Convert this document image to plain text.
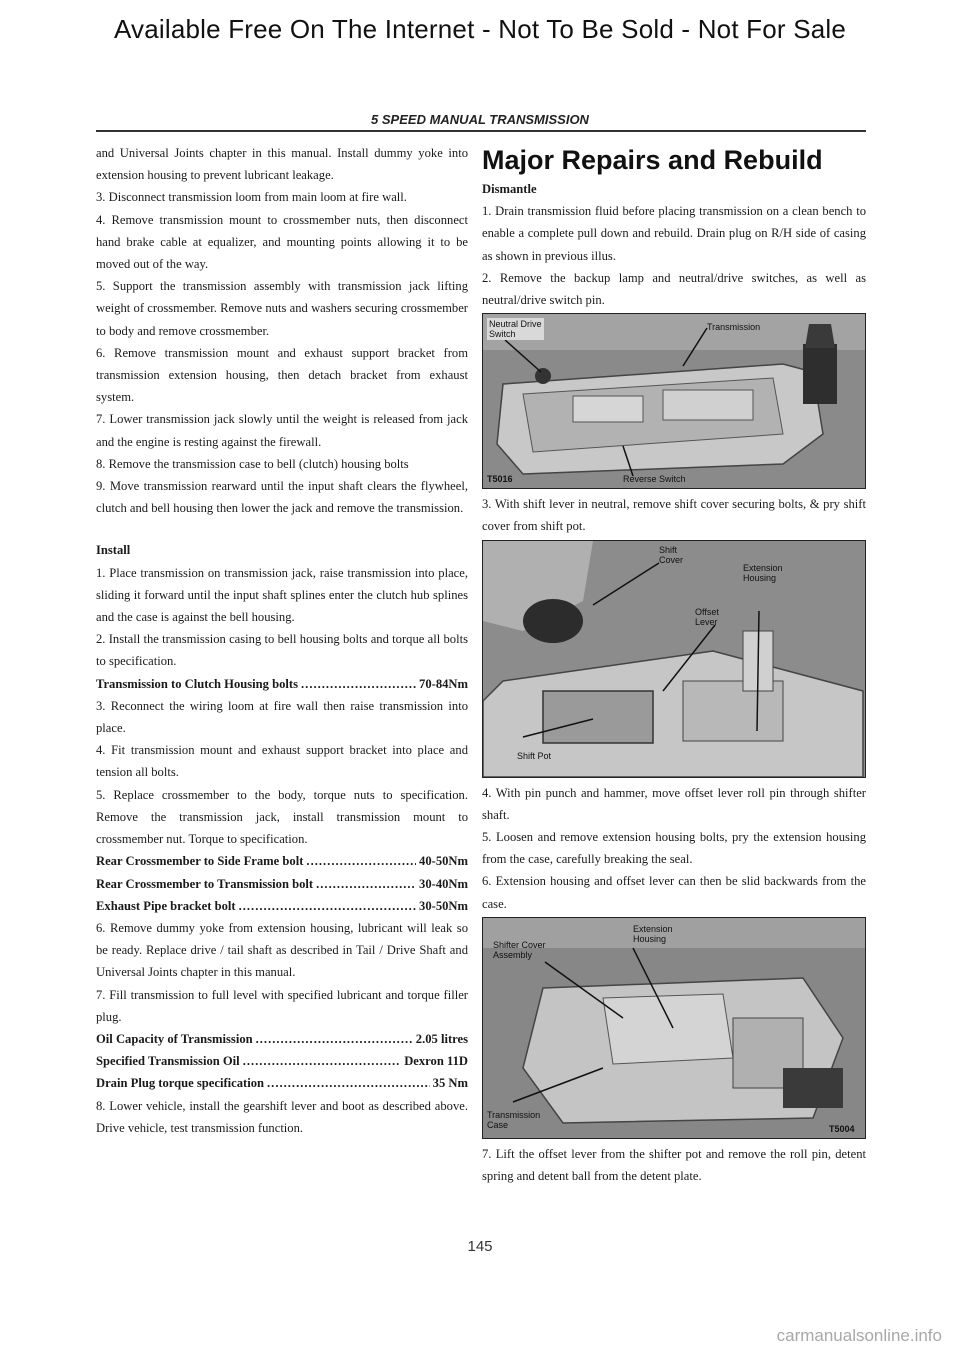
Available Free On The Internet - Not To Be Sold - Not For Sale
5 SPEED MANUAL TRANSMISSION

and Universal Joints chapter in this manual. Install dummy yoke into extension housing to prevent lubricant leakage.

3. Disconnect transmission loom from main loom at fire wall.

4. Remove transmission mount to crossmember nuts, then disconnect hand brake cable at equalizer, and mounting points allowing it to be moved out of the way.

5. Support the transmission assembly with transmission jack lifting weight of crossmember. Remove nuts and washers securing crossmember to body and remove crossmember.

6. Remove transmission mount and exhaust support bracket from transmission extension housing, then detach bracket from exhaust system.

7. Lower transmission jack slowly until the weight is released from jack and the engine is resting against the firewall.

8. Remove the transmission case to bell (clutch) housing bolts

9. Move transmission rearward until the input shaft clears the flywheel, clutch and bell housing then lower the jack and remove the transmission.

Install

1. Place transmission on transmission jack, raise transmission into place, sliding it forward until the input shaft splines enter the clutch hub splines and the case is against the bell housing.

2. Install the transmission casing to bell housing bolts and torque all bolts to specification.

Transmission to Clutch Housing bolts .....	70-84Nm

3. Reconnect the wiring loom at fire wall then raise transmission into place.

4. Fit transmission mount and exhaust support bracket into place and tension all bolts.

5. Replace crossmember to the body, torque nuts to specification. Remove the transmission jack, install transmission mount to crossmember nut. Torque to specification.

Rear Crossmember to Side Frame bolt .....	40-50Nm

Rear Crossmember to Transmission bolt .....	30-40Nm

Exhaust Pipe bracket bolt .....	30-50Nm

6. Remove dummy yoke from extension housing, lubricant will leak so be ready. Replace drive / tail shaft as described in Tail / Drive Shaft and Universal Joints chapter in this manual.

7. Fill transmission to full level with specified lubricant and torque filler plug.

Oil Capacity of Transmission .....	2.05 litres

Specified Transmission Oil .....	Dexron 11D

Drain Plug torque specification .....	35 Nm

8. Lower vehicle, install the gearshift lever and boot as described above. Drive vehicle, test transmission function.

Major Repairs and Rebuild

Dismantle

1. Drain transmission fluid before placing transmission on a clean bench to enable a complete pull down and rebuild. Drain plug on R/H side of casing as shown in previous illus.

2. Remove the backup lamp and neutral/drive switches, as well as neutral/drive switch pin.

Neutral Drive
Switch
Transmission
Reverse Switch
T5016

3. With shift lever in neutral, remove shift cover securing bolts, & pry shift cover from shift pot.

Shift
Cover
Extension
Housing
Offset
Lever
Shift Pot

4. With pin punch and hammer, move offset lever roll pin through shifter shaft.

5. Loosen and remove extension housing bolts, pry the extension housing from the case, carefully breaking the seal.

6. Extension housing and offset lever can then be slid backwards from the case.

Shifter Cover
Assembly
Extension
Housing
Transmission
Case	T5004

7. Lift the offset lever from the shifter pot and remove the roll pin, detent spring and detent ball from the detent plate.

145
carmanualsonline.info
